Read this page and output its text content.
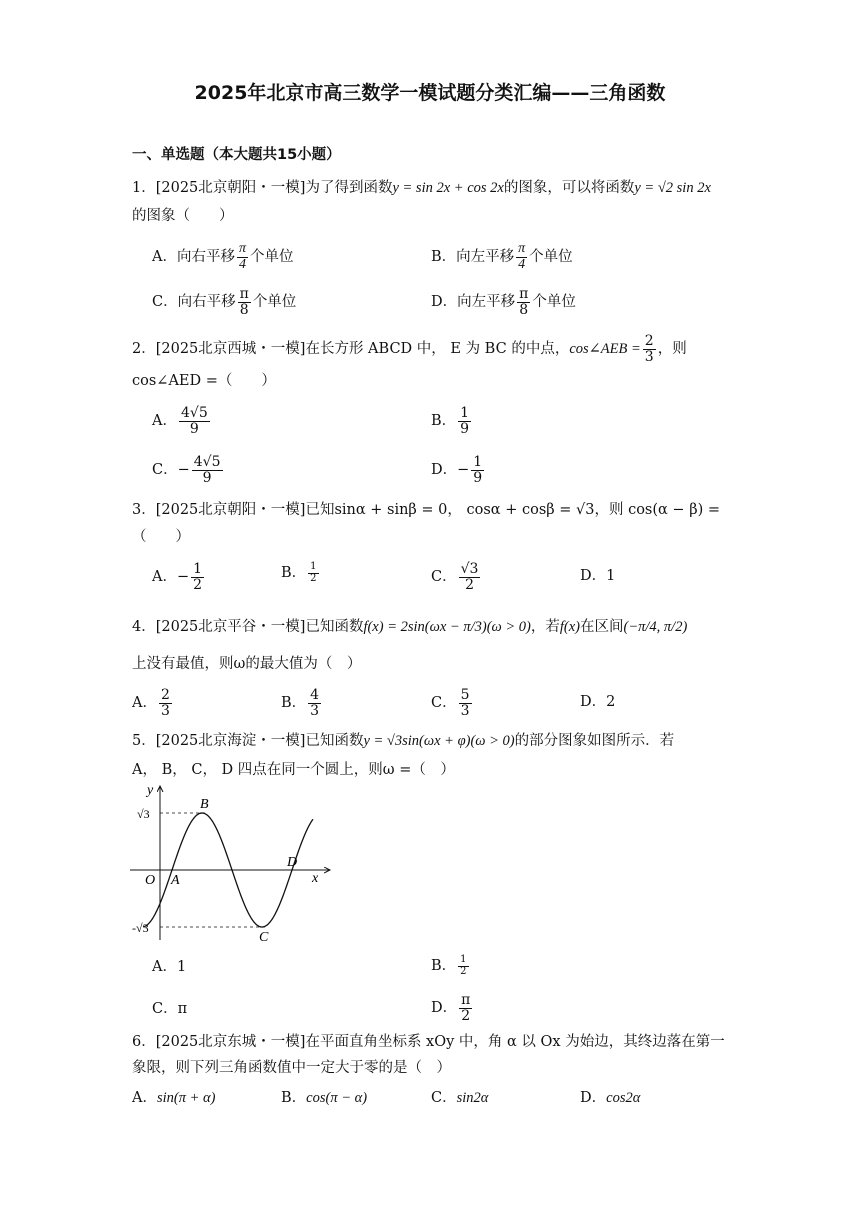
2025年北京市高三数学一模试题分类汇编——三角函数
一、单选题（本大题共15小题）
1．[2025北京朝阳・一模]为了得到函数y = sin 2x + cos 2x的图象，可以将函数y = √2 sin 2x
的图象（　　）
A．向右平移 $\frac{\pi}{4}$ 个单位	B．向左平移 $\frac{\pi}{4}$ 个单位
C．向右平移 $\frac{\pi}{8}$ 个单位	D．向左平移 $\frac{\pi}{8}$ 个单位
2．[2025北京西城・一模]在长方形 ABCD 中， E 为 BC 的中点，cos∠AEB = $\frac{2}{3}$ ，则
cos∠AED =（　　）
A． $\frac{4√5}{9}$	B． $\frac{1}{9}$
C．− $\frac{4√5}{9}$	D．− $\frac{1}{9}$
3．[2025北京朝阳・一模]已知sinα + sinβ = 0， cosα + cosβ = √3，则 cos(α − β) =
（　　）
A．− $\frac{1}{2}$	B． $\frac{1}{2}$	C． $\frac{√3}{2}$	D．1
4．[2025北京平谷・一模]已知函数f(x) = 2sin(ωx − π/3)(ω > 0)，若f(x)在区间(−π/4, π/2)
上没有最值，则ω的最大值为（　）
A． $\frac{2}{3}$	B． $\frac{4}{3}$	C． $\frac{5}{3}$	D．2
5．[2025北京海淀・一模]已知函数y = √3sin(ωx + φ)(ω > 0)的部分图象如图所示．若
A， B， C， D 四点在同一个圆上，则ω =（　）
y
x
O A
B
C
D
√3
-√3
A．1	B． $\frac{1}{2}$
C．π	D． $\frac{\pi}{2}$
6．[2025北京东城・一模]在平面直角坐标系 xOy 中，角 α 以 Ox 为始边，其终边落在第一
象限，则下列三角函数值中一定大于零的是（　）
A．sin(π + α)	B．cos(π − α)	C．sin2α	D．cos2α
